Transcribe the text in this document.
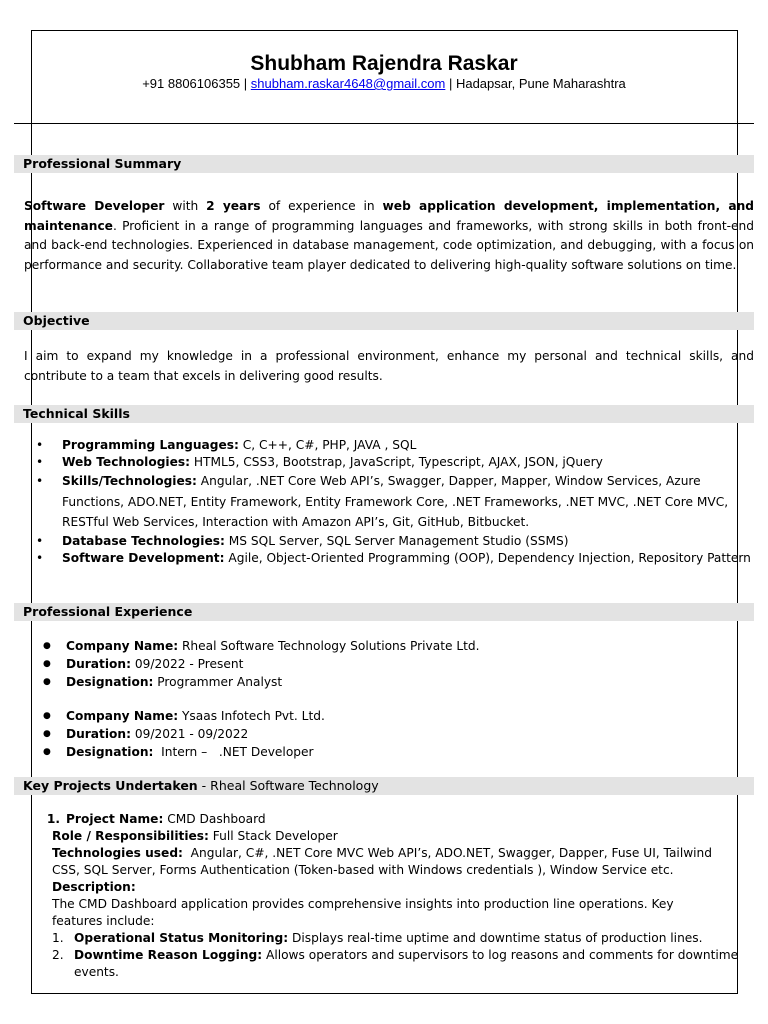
Shubham Rajendra Raskar
+91 8806106355 | shubham.raskar4648@gmail.com | Hadapsar, Pune Maharashtra
Professional Summary
Software Developer with 2 years of experience in web application development, implementation, and maintenance. Proficient in a range of programming languages and frameworks, with strong skills in both front-end and back-end technologies. Experienced in database management, code optimization, and debugging, with a focus on performance and security. Collaborative team player dedicated to delivering high-quality software solutions on time.
Objective
I aim to expand my knowledge in a professional environment, enhance my personal and technical skills, and contribute to a team that excels in delivering good results.
Technical Skills
• Programming Languages: C, C++, C#, PHP, JAVA , SQL
• Web Technologies: HTML5, CSS3, Bootstrap, JavaScript, Typescript, AJAX, JSON, jQuery
• Skills/Technologies: Angular, .NET Core Web API’s, Swagger, Dapper, Mapper, Window Services, Azure Functions, ADO.NET, Entity Framework, Entity Framework Core, .NET Frameworks, .NET MVC, .NET Core MVC, RESTful Web Services, Interaction with Amazon API’s, Git, GitHub, Bitbucket.
• Database Technologies: MS SQL Server, SQL Server Management Studio (SSMS)
• Software Development: Agile, Object-Oriented Programming (OOP), Dependency Injection, Repository Pattern
Professional Experience
● Company Name: Rheal Software Technology Solutions Private Ltd.
● Duration: 09/2022 - Present
● Designation: Programmer Analyst
● Company Name: Ysaas Infotech Pvt. Ltd.
● Duration: 09/2021 - 09/2022
● Designation:  Intern –   .NET Developer
Key Projects Undertaken - Rheal Software Technology
1. Project Name: CMD Dashboard
Role / Responsibilities: Full Stack Developer
Technologies used:  Angular, C#, .NET Core MVC Web API’s, ADO.NET, Swagger, Dapper, Fuse UI, Tailwind
CSS, SQL Server, Forms Authentication (Token-based with Windows credentials ), Window Service etc.
Description:
The CMD Dashboard application provides comprehensive insights into production line operations. Key
features include:
1. Operational Status Monitoring: Displays real-time uptime and downtime status of production lines.
2. Downtime Reason Logging: Allows operators and supervisors to log reasons and comments for downtime events.
